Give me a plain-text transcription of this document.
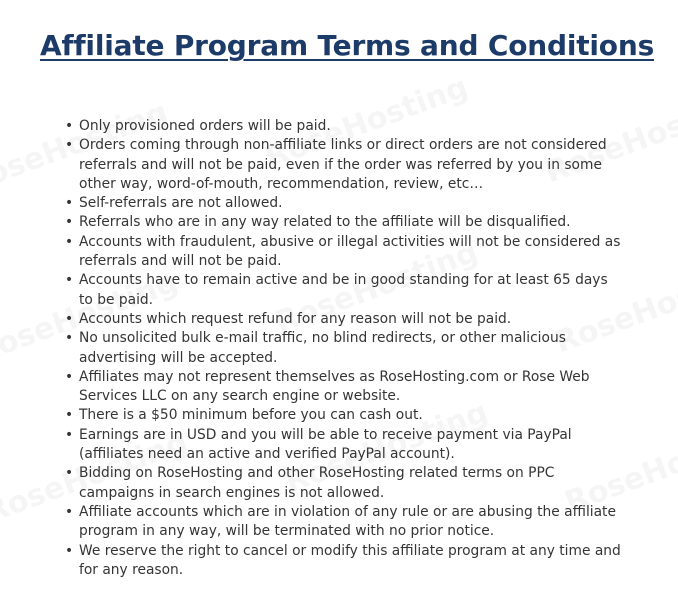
Affiliate Program Terms and Conditions
• Only provisioned orders will be paid.
• Orders coming through non-affiliate links or direct orders are not considered referrals and will not be paid, even if the order was referred by you in some other way, word-of-mouth, recommendation, review, etc…
• Self-referrals are not allowed.
• Referrals who are in any way related to the affiliate will be disqualified.
• Accounts with fraudulent, abusive or illegal activities will not be considered as referrals and will not be paid.
• Accounts have to remain active and be in good standing for at least 65 days to be paid.
• Accounts which request refund for any reason will not be paid.
• No unsolicited bulk e-mail traffic, no blind redirects, or other malicious advertising will be accepted.
• Affiliates may not represent themselves as RoseHosting.com or Rose Web Services LLC on any search engine or website.
• There is a $50 minimum before you can cash out.
• Earnings are in USD and you will be able to receive payment via PayPal (affiliates need an active and verified PayPal account).
• Bidding on RoseHosting and other RoseHosting related terms on PPC campaigns in search engines is not allowed.
• Affiliate accounts which are in violation of any rule or are abusing the affiliate program in any way, will be terminated with no prior notice.
• We reserve the right to cancel or modify this affiliate program at any time and for any reason.
